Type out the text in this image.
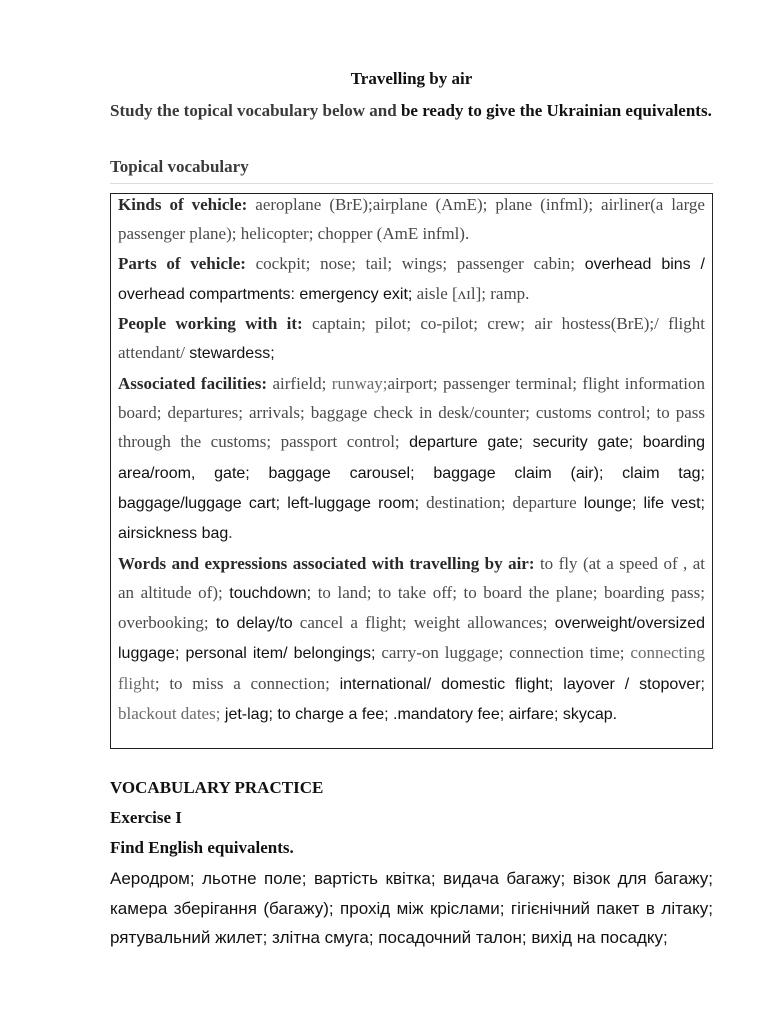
Travelling by air
Study the topical vocabulary below and be ready to give the Ukrainian equivalents.
Topical vocabulary

Kinds of vehicle: aeroplane (BrE);airplane (AmE); plane (infml); airliner(a large passenger plane); helicopter; chopper (AmE infml).

Parts of vehicle: cockpit; nose; tail; wings; passenger cabin; overhead bins / overhead compartments: emergency exit; aisle [ʌɪl]; ramp.

People working with it: captain; pilot; co-pilot; crew; air hostess(BrE);/ flight attendant/ stewardess;

Associated facilities: airfield; runway;airport; passenger terminal; flight information board; departures; arrivals; baggage check in desk/counter; customs control; to pass through the customs; passport control; departure gate; security gate; boarding area/room, gate; baggage carousel; baggage claim (air); claim tag; baggage/luggage cart; left-luggage room; destination; departure lounge; life vest; airsickness bag.

Words and expressions associated with travelling by air: to fly (at a speed of , at an altitude of); touchdown; to land; to take off; to board the plane; boarding pass; overbooking; to delay/to cancel a flight; weight allowances; overweight/oversized luggage; personal item/ belongings; carry-on luggage; connection time; connecting flight; to miss a connection; international/ domestic flight; layover / stopover; blackout dates; jet-lag; to charge a fee; .mandatory fee; airfare; skycap.

VOCABULARY PRACTICE
Exercise I
Find English equivalents.
Аеродром; льотне поле; вартість квітка; видача багажу; візок для багажу; камера зберігання (багажу); прохід між кріслами; гігієнічний пакет в літаку; рятувальний жилет; злітна смуга; посадочний талон; вихід на посадку;
